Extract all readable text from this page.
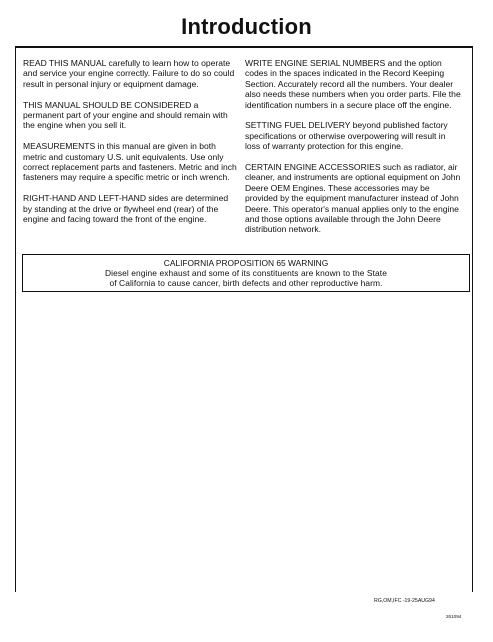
Introduction

READ THIS MANUAL carefully to learn how to operate and service your engine correctly. Failure to do so could result in personal injury or equipment damage.

THIS MANUAL SHOULD BE CONSIDERED a permanent part of your engine and should remain with the engine when you sell it.

MEASUREMENTS in this manual are given in both metric and customary U.S. unit equivalents. Use only correct replacement parts and fasteners. Metric and inch fasteners may require a specific metric or inch wrench.

RIGHT-HAND AND LEFT-HAND sides are determined by standing at the drive or flywheel end (rear) of the engine and facing toward the front of the engine.

WRITE ENGINE SERIAL NUMBERS and the option codes in the spaces indicated in the Record Keeping Section. Accurately record all the numbers. Your dealer also needs these numbers when you order parts. File the identification numbers in a secure place off the engine.

SETTING FUEL DELIVERY beyond published factory specifications or otherwise overpowering will result in loss of warranty protection for this engine.

CERTAIN ENGINE ACCESSORIES such as radiator, air cleaner, and instruments are optional equipment on John Deere OEM Engines. These accessories may be provided by the equipment manufacturer instead of John Deere. This operator's manual applies only to the engine and those options available through the John Deere distribution network.

CALIFORNIA PROPOSITION 65 WARNING
Diesel engine exhaust and some of its constituents are known to the State
of California to cause cancer, birth defects and other reproductive harm.
RG,OM,IFC -19-25AUG94
261094
